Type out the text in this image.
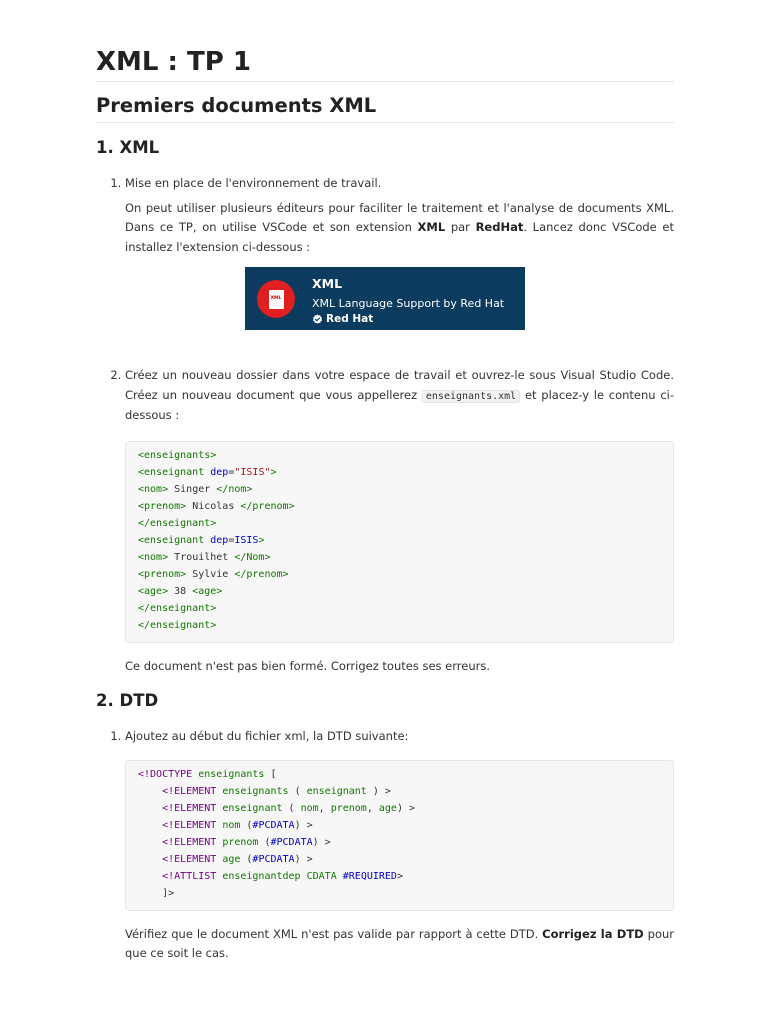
XML : TP 1
Premiers documents XML
1. XML
1. Mise en place de l'environnement de travail.

On peut utiliser plusieurs éditeurs pour faciliter le traitement et l'analyse de documents XML. Dans ce TP, on utilise VSCode et son extension XML par RedHat. Lancez donc VSCode et installez l'extension ci-dessous :

XML
XML
XML Language Support by Red Hat
Red Hat

2. Créez un nouveau dossier dans votre espace de travail et ouvrez-le sous Visual Studio Code. Créez un nouveau document que vous appellerez enseignants.xml et placez-y le contenu ci-dessous :

<enseignants>
<enseignant dep="ISIS">
<nom> Singer </nom>
<prenom> Nicolas </prenom>
</enseignant>
<enseignant dep=ISIS>
<nom> Trouilhet </Nom>
<prenom> Sylvie </prenom>
<age> 38 <age>
</enseignant>
</enseignant>

Ce document n'est pas bien formé. Corrigez toutes ses erreurs.

2. DTD
1. Ajoutez au début du fichier xml, la DTD suivante:
<!DOCTYPE enseignants [
<!ELEMENT enseignants ( enseignant ) >
<!ELEMENT enseignant ( nom, prenom, age) >
<!ELEMENT nom (#PCDATA) >
<!ELEMENT prenom (#PCDATA) >
<!ELEMENT age (#PCDATA) >
<!ATTLIST enseignantdep CDATA #REQUIRED>
]>

Vérifiez que le document XML n'est pas valide par rapport à cette DTD. Corrigez la DTD pour que ce soit le cas.
